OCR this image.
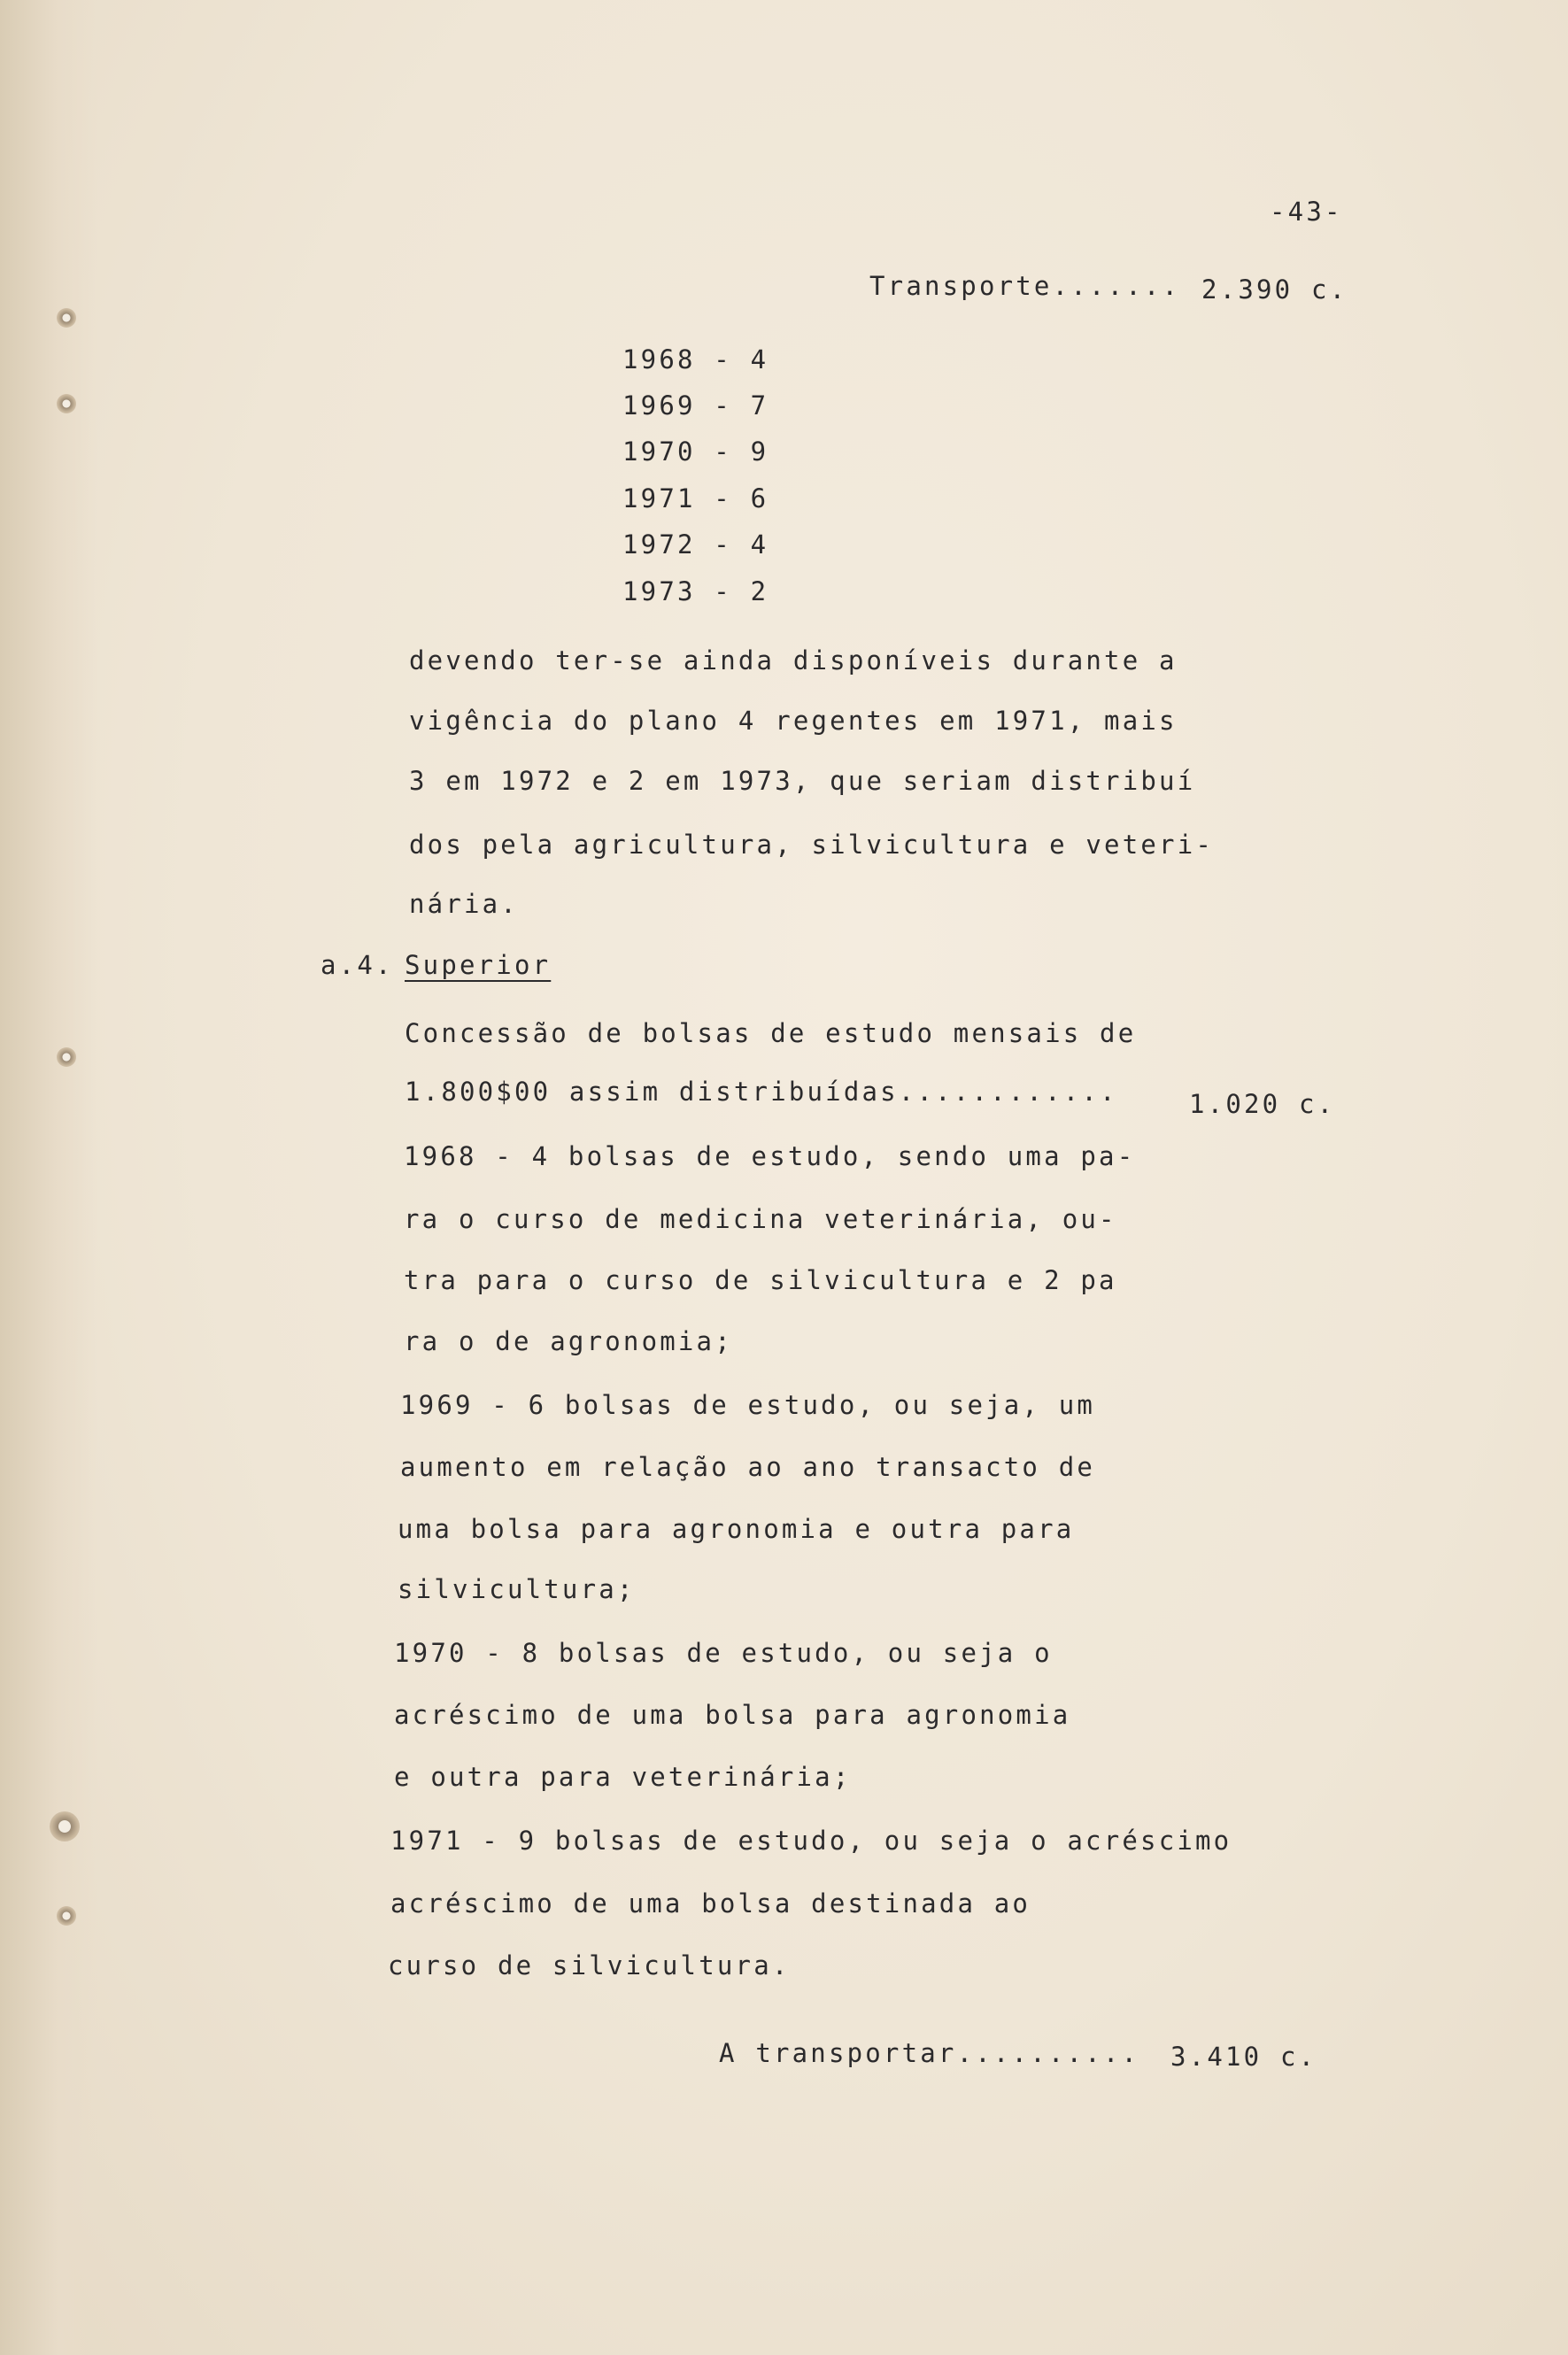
-43-
Transporte....... 2.390 c.
1968 - 4
1969 - 7
1970 - 9
1971 - 6
1972 - 4
1973 - 2
devendo ter-se ainda disponíveis durante a
vigência do plano 4 regentes em 1971, mais
3 em 1972 e 2 em 1973, que seriam distribuí
dos pela agricultura, silvicultura e veteri-
nária.
a.4. Superior
Concessão de bolsas de estudo mensais de
1.800$00 assim distribuídas............	1.020 c.
1968 - 4 bolsas de estudo, sendo uma pa-
ra o curso de medicina veterinária, ou-
tra para o curso de silvicultura e 2 pa
ra o de agronomia;
1969 - 6 bolsas de estudo, ou seja, um
aumento em relação ao ano transacto de
uma bolsa para agronomia e outra para
silvicultura;
1970 - 8 bolsas de estudo, ou seja o
acréscimo de uma bolsa para agronomia
e outra para veterinária;
1971 - 9 bolsas de estudo, ou seja o acréscimo
acréscimo de uma bolsa destinada ao
curso de silvicultura.
A transportar.......... 3.410 c.
